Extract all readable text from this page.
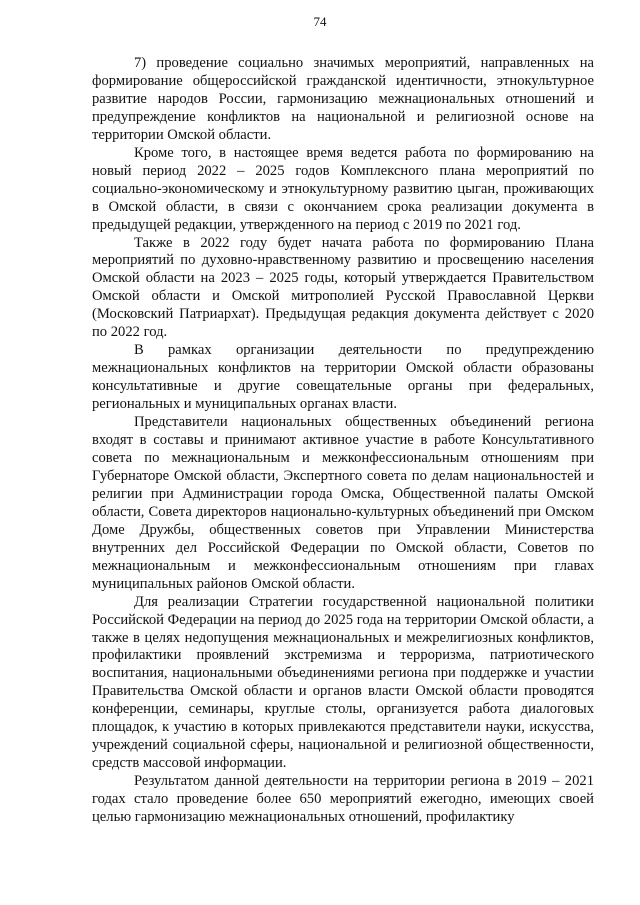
74

7) проведение социально значимых мероприятий, направленных на формирование общероссийской гражданской идентичности, этнокультурное развитие народов России, гармонизацию межнациональных отношений и предупреждение конфликтов на национальной и религиозной основе на территории Омской области.

Кроме того, в настоящее время ведется работа по формированию на новый период 2022 – 2025 годов Комплексного плана мероприятий по социально-экономическому и этнокультурному развитию цыган, проживающих в Омской области, в связи с окончанием срока реализации документа в предыдущей редакции, утвержденного на период с 2019 по 2021 год.

Также в 2022 году будет начата работа по формированию Плана мероприятий по духовно-нравственному развитию и просвещению населения Омской области на 2023 – 2025 годы, который утверждается Правительством Омской области и Омской митрополией Русской Православной Церкви (Московский Патриархат). Предыдущая редакция документа действует с 2020 по 2022 год.

В рамках организации деятельности по предупреждению межнациональных конфликтов на территории Омской области образованы консультативные и другие совещательные органы при федеральных, региональных и муниципальных органах власти.

Представители национальных общественных объединений региона входят в составы и принимают активное участие в работе Консультативного совета по межнациональным и межконфессиональным отношениям при Губернаторе Омской области, Экспертного совета по делам национальностей и религии при Администрации города Омска, Общественной палаты Омской области, Совета директоров национально-культурных объединений при Омском Доме Дружбы, общественных советов при Управлении Министерства внутренних дел Российской Федерации по Омской области, Советов по межнациональным и межконфессиональным отношениям при главах муниципальных районов Омской области.

Для реализации Стратегии государственной национальной политики Российской Федерации на период до 2025 года на территории Омской области, а также в целях недопущения межнациональных и межрелигиозных конфликтов, профилактики проявлений экстремизма и терроризма, патриотического воспитания, национальными объединениями региона при поддержке и участии Правительства Омской области и органов власти Омской области проводятся конференции, семинары, круглые столы, организуется работа диалоговых площадок, к участию в которых привлекаются представители науки, искусства, учреждений социальной сферы, национальной и религиозной общественности, средств массовой информации.

Результатом данной деятельности на территории региона в 2019 – 2021 годах стало проведение более 650 мероприятий ежегодно, имеющих своей целью гармонизацию межнациональных отношений, профилактику
